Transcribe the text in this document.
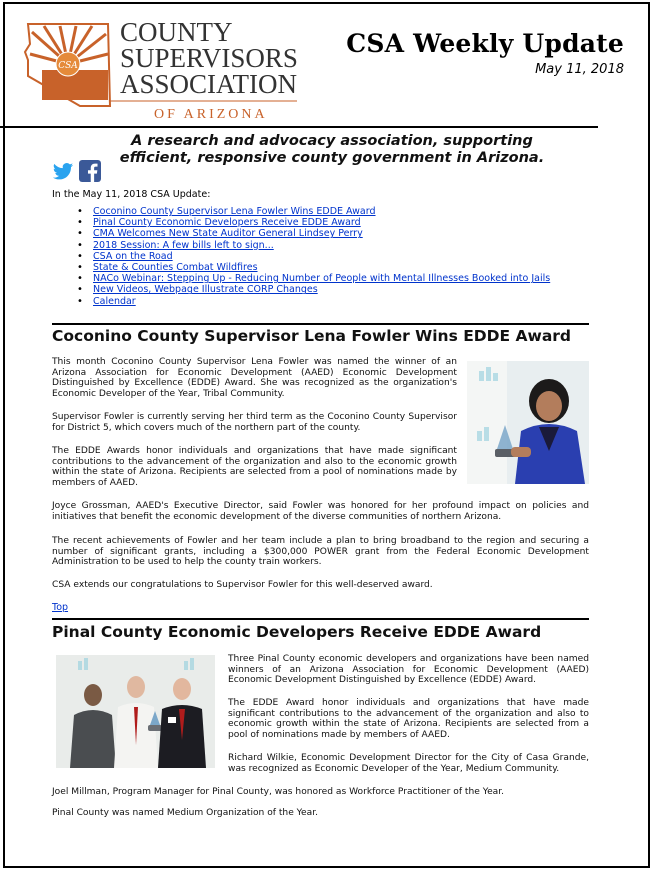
CSA
COUNTY
SUPERVISORS
ASSOCIATION
OF ARIZONA
CSA Weekly Update
May 11, 2018
A research and advocacy association, supporting
efficient, responsive county government in Arizona.
In the May 11, 2018 CSA Update:
• Coconino County Supervisor Lena Fowler Wins EDDE Award
• Pinal County Economic Developers Receive EDDE Award
• CMA Welcomes New State Auditor General Lindsey Perry
• 2018 Session: A few bills left to sign...
• CSA on the Road
• State & Counties Combat Wildfires
• NACo Webinar: Stepping Up - Reducing Number of People with Mental Illnesses Booked into Jails
• New Videos, Webpage Illustrate CORP Changes
• Calendar
Coconino County Supervisor Lena Fowler Wins EDDE Award
This month Coconino County Supervisor Lena Fowler was named the winner of an Arizona Association for Economic Development (AAED) Economic Development Distinguished by Excellence (EDDE) Award. She was recognized as the organization's Economic Developer of the Year, Tribal Community.
Supervisor Fowler is currently serving her third term as the Coconino County Supervisor for District 5, which covers much of the northern part of the county.
The EDDE Awards honor individuals and organizations that have made significant contributions to the advancement of the organization and also to the economic growth within the state of Arizona. Recipients are selected from a pool of nominations made by members of AAED.
Joyce Grossman, AAED's Executive Director, said Fowler was honored for her profound impact on policies and initiatives that benefit the economic development of the diverse communities of northern Arizona.
The recent achievements of Fowler and her team include a plan to bring broadband to the region and securing a number of significant grants, including a $300,000 POWER grant from the Federal Economic Development Administration to be used to help the county train workers.
CSA extends our congratulations to Supervisor Fowler for this well-deserved award.
Top
Pinal County Economic Developers Receive EDDE Award
Three Pinal County economic developers and organizations have been named winners of an Arizona Association for Economic Development (AAED) Economic Development Distinguished by Excellence (EDDE) Award.
The EDDE Award honor individuals and organizations that have made significant contributions to the advancement of the organization and also to economic growth within the state of Arizona. Recipients are selected from a pool of nominations made by members of AAED.
Richard Wilkie, Economic Development Director for the City of Casa Grande, was recognized as Economic Developer of the Year, Medium Community.
Joel Millman, Program Manager for Pinal County, was honored as Workforce Practitioner of the Year.
Pinal County was named Medium Organization of the Year.
